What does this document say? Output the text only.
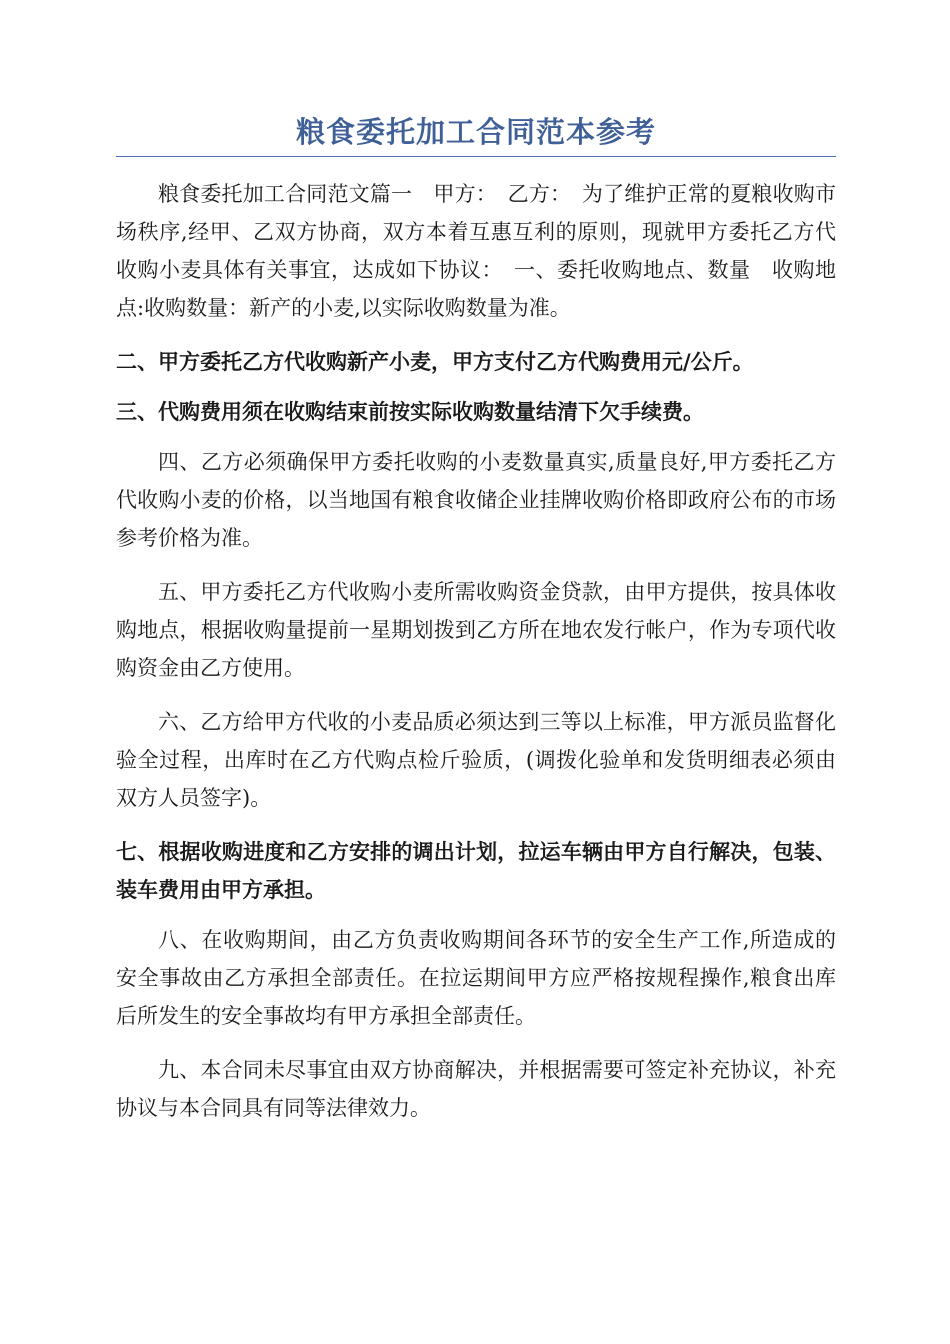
粮食委托加工合同范本参考

粮食委托加工合同范文篇一　甲方：　乙方：　为了维护正常的夏粮收购市场秩序,经甲、乙双方协商，双方本着互惠互利的原则，现就甲方委托乙方代收购小麦具体有关事宜，达成如下协议：　一、委托收购地点、数量　收购地点:收购数量：新产的小麦,以实际收购数量为准。

二、甲方委托乙方代收购新产小麦，甲方支付乙方代购费用元/公斤。

三、代购费用须在收购结束前按实际收购数量结清下欠手续费。

四、乙方必须确保甲方委托收购的小麦数量真实,质量良好,甲方委托乙方代收购小麦的价格，以当地国有粮食收储企业挂牌收购价格即政府公布的市场参考价格为准。

五、甲方委托乙方代收购小麦所需收购资金贷款，由甲方提供，按具体收购地点，根据收购量提前一星期划拨到乙方所在地农发行帐户，作为专项代收购资金由乙方使用。

六、乙方给甲方代收的小麦品质必须达到三等以上标准，甲方派员监督化验全过程，出库时在乙方代购点检斤验质，(调拨化验单和发货明细表必须由双方人员签字)。

七、根据收购进度和乙方安排的调出计划，拉运车辆由甲方自行解决，包装、装车费用由甲方承担。

八、在收购期间，由乙方负责收购期间各环节的安全生产工作,所造成的安全事故由乙方承担全部责任。在拉运期间甲方应严格按规程操作,粮食出库后所发生的安全事故均有甲方承担全部责任。

九、本合同未尽事宜由双方协商解决，并根据需要可签定补充协议，补充协议与本合同具有同等法律效力。
